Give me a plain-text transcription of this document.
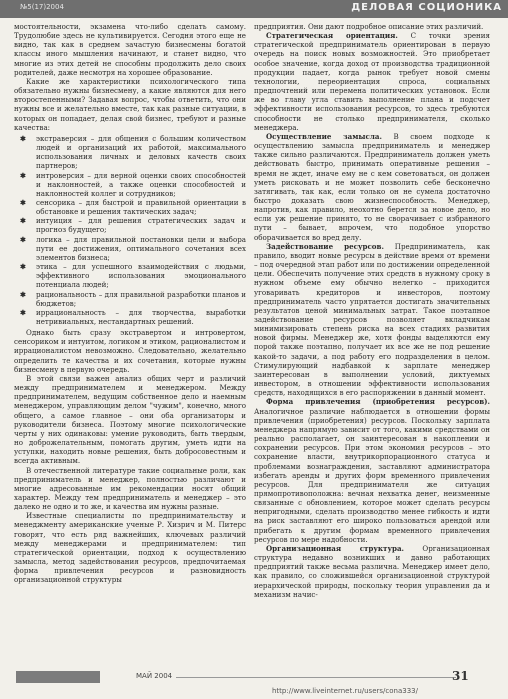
№5(17)2004	ДЕЛОВАЯ СОЦИОНИКА

мостоятельности, экзамена что-либо сделать самому. Трудолюбие здесь не культивируется. Сегодня этого еще не видно, так как в среднем зачастую бизнесмены богатой классы иного мышления начинают, и станет видно, что многие из этих детей не способны продолжить дело своих родителей, даже несмотря на хорошее образование.

Какие же характеристики психологического типа обязательно нужны бизнесмену, а какие являются для него второстепенными? Задавая вопрос, чтобы ответить, что они нужны все и желательно вместе, так как разные ситуации, в которых он попадает, делая свой бизнес, требуют и разные качества:

✱ экстраверсия – для общения с большим количеством людей и организаций их работой, максимального использования личных и деловых качеств своих партнеров;
✱ интроверсия – для верной оценки своих способностей и наклонностей, а также оценки способностей и наклонностей коллег и сотрудников;
✱ сенсорика – для быстрой и правильной ориентации в обстановке и решения тактических задач;
✱ интуиция – для решения стратегических задач и прогноз будущего;
✱ логика – для правильной постановки цели и выбора пути ее достижения, оптимального сочетания всех элементов бизнеса;
✱ этика – для успешного взаимодействия с людьми, эффективного использования эмоционального потенциала людей;
✱ рациональность – для правильной разработки планов и бюджетов;
✱ иррациональность – для творчества, выработки нетривиальных, нестандартных решений.

Однако быть сразу экстравертом и интровертом, сенсориком и интуитом, логиком и этиком, рационалистом и иррационалистом невозможно. Следовательно, желательно определить те качества и их сочетания, которые нужны бизнесмену в первую очередь.

В этой связи важен анализ общих черт и различий между предпринимателем и менеджером. Между предпринимателем, ведущим собственное дело и наемным менеджером, управляющим делом "чужим", конечно, много общего, а самое главное – они оба организаторы и руководители бизнеса. Поэтому многие психологические черты у них одинаковы: умение руководить, быть твердым, но доброжелательным, помогать другим, уметь идти на уступки, находить новые решения, быть добросовестным и всегда активным.

В отечественной литературе такие социальные роли, как предприниматель и менеджер, полностью различают и многие адресованные им рекомендации носят общий характер. Между тем предприниматель и менеджер – это далеко не одно и то же, и качества им нужны разные.

Известные специалисты по предпринимательству и менеджменту американские ученые Р. Хизрич и М. Питерс говорят, что есть ряд важнейших, ключевых различий между менеджерами и предпринимателем: тип стратегической ориентации, подход к осуществлению замысла, метод задействования ресурсов, предпочитаемая форма привлечения ресурсов и разновидность организационной структуры

предприятия. Они дают подробное описание этих различий.

Стратегическая ориентация. С точки зрения стратегической предприниматель ориентирован в первую очередь на поиск новых возможностей. Это приобретает особое значение, когда доход от производства традиционной продукции падает, когда рынок требует новой смены технологии, переориентация спроса, социальных предпочтений или перемена политических установок. Если же во главу угла ставить выполнение плана и подсчет эффективности использования ресурсов, то здесь требуются способности не столько предпринимателя, сколько менеджера.

Осуществление замысла. В своем подходе к осуществлению замысла предприниматель и менеджер также сильно различаются. Предприниматель должен уметь действовать быстро, принимать оперативные решения – время не ждет, иначе ему не с кем советоваться, он должен уметь рисковать и не может позволить себе бесконечно затягивать, так как, если только он не сумела достаточно быстро доказать свою жизнеспособность. Менеджер, напротив, как правило, неохотно берется за новое дело, но если уж решение принято, то не сворачивает с избранного пути – бывает, впрочем, что подобное упорство оборачивается во вред делу.

Задействование ресурсов. Предприниматель, как правило, вводит новые ресурсы в действие время от времени – под очередной этап работ или по достижении определенной цели. Обеспечить получение этих средств в нужному сроку в нужном объеме ему обычно нелегко – приходится уговаривать кредиторов и инвесторов, поэтому предприниматель часто упрятается достигать значительных результатов ценой минимальных затрат. Такое поэтапное задействование ресурсов позволяет вкладчикам минимизировать степень риска на всех стадиях развития новой фирмы. Менеджер же, хотя фонды выделяются ему порой также поэтапно, получает их все же не под решение какой-то задачи, а под работу его подразделения в целом. Стимулирующий надбавкой к зарплате менеджер заинтересован в выполнении условий, диктуемых инвестором, в отношении эффективности использования средств, находящихся в его распоряжении в данный момент.

Форма привлечения (приобретения ресурсов). Аналогичное различие наблюдается в отношении формы привлечения (приобретения) ресурсов. Поскольку зарплата менеджера напрямую зависит от того, какими средствами он реально располагает, он заинтересован в накоплении и сохранении ресурсов. При этом экономия ресурсов – это сохранение власти, внутрикорпорационного статуса и проблемами вознаграждения, заставляют администратора избегать аренды и других форм временного привлечения ресурсов. Для предпринимателя же ситуация прямопротивоположна: вечная нехватка денег, неизменные связанные с обновлением, которое может сделать ресурсы непригодными, сделать производство менее гибкость и идти на риск заставляют его широко пользоваться арендой или прибегать к другим формам временного привлечения ресурсов по мере надобности.

Организационная структура.	Организационная структура недавно возникших и давно работающих предприятий также весьма различна. Менеджер имеет дело, как правило, со сложившейся организационной структурой иерархической природы, поскольку теория управления да и механизм начис-

МАЙ 2004	31
http://www.liveinternet.ru/users/cona333/
